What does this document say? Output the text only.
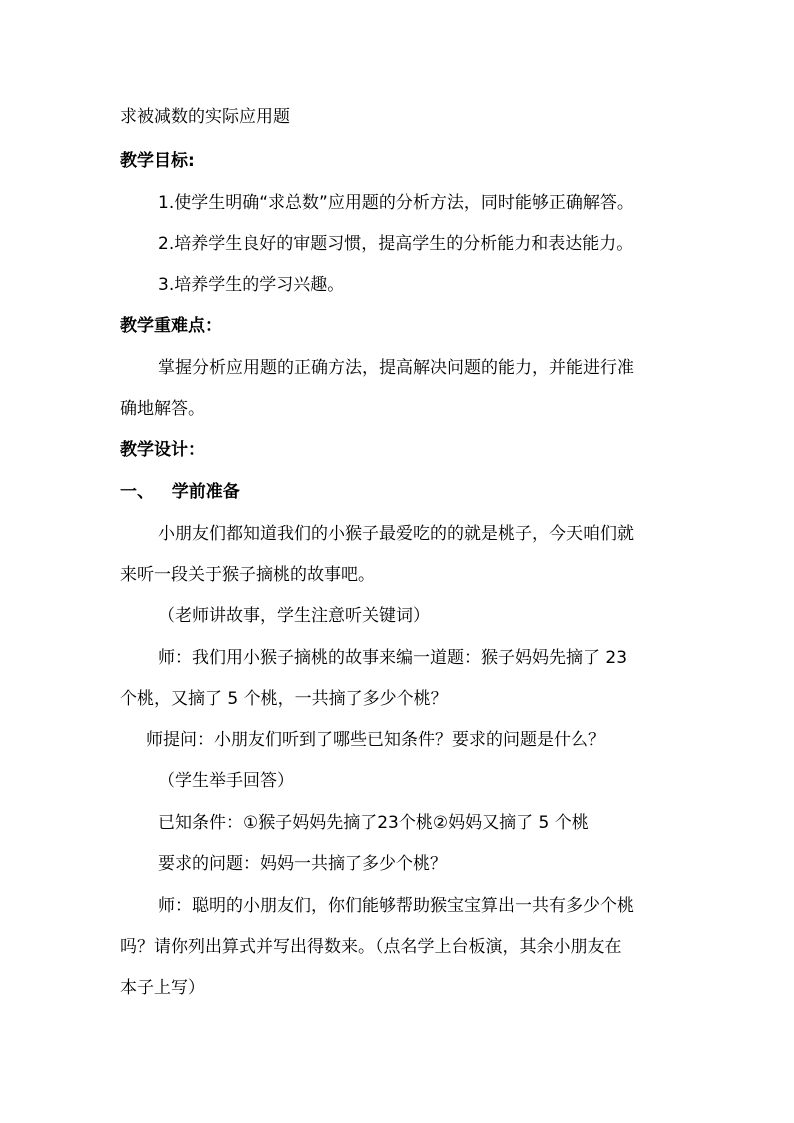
求被减数的实际应用题
教学目标:
1.使学生明确“求总数”应用题的分析方法，同时能够正确解答。
2.培养学生良好的审题习惯，提高学生的分析能力和表达能力。
3.培养学生的学习兴趣。
教学重难点：
掌握分析应用题的正确方法，提高解决问题的能力，并能进行准
确地解答。
教学设计：
一、   学前准备
小朋友们都知道我们的小猴子最爱吃的的就是桃子，今天咱们就
来听一段关于猴子摘桃的故事吧。
（老师讲故事，学生注意听关键词）
师：我们用小猴子摘桃的故事来编一道题：猴子妈妈先摘了 23
个桃，又摘了 5 个桃，一共摘了多少个桃？
师提问：小朋友们听到了哪些已知条件？要求的问题是什么？
（学生举手回答）
已知条件：①猴子妈妈先摘了23个桃②妈妈又摘了 5 个桃
要求的问题：妈妈一共摘了多少个桃？
师：聪明的小朋友们，你们能够帮助猴宝宝算出一共有多少个桃
吗？请你列出算式并写出得数来。（点名学上台板演，其余小朋友在
本子上写）
